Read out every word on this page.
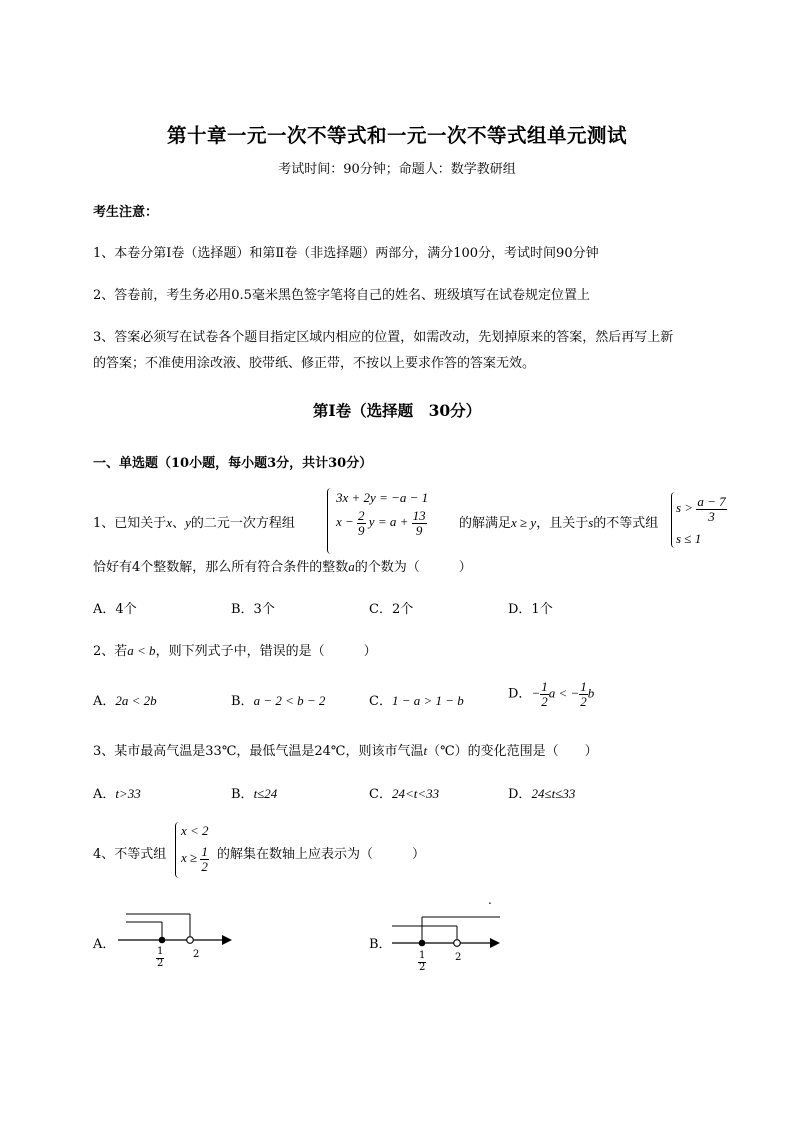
第十章一元一次不等式和一元一次不等式组单元测试
考试时间：90分钟；命题人：数学教研组
考生注意：
1、本卷分第Ⅰ卷（选择题）和第Ⅱ卷（非选择题）两部分，满分100分，考试时间90分钟
2、答卷前，考生务必用0.5毫米黑色签字笔将自己的姓名、班级填写在试卷规定位置上
3、答案必须写在试卷各个题目指定区域内相应的位置，如需改动，先划掉原来的答案，然后再写上新
的答案；不准使用涂改液、胶带纸、修正带，不按以上要求作答的答案无效。
第Ⅰ卷（选择题　30分）
一、单选题（10小题，每小题3分，共计30分）
1、已知关于x、y的二元一次方程组
3x + 2y = −a − 1
$x - \frac{2}{9}$ $y = a + \frac{13}{9}$ 的解满足x ≥ y，且关于s的不等式组
$s > \frac{a - 7}{3}$
s ≤ 1
恰好有4个整数解，那么所有符合条件的整数a的个数为（　　　）
A．4个	B．3个	C．2个	D．1个
2、若a < b，则下列式子中，错误的是（　　　）
A．2a < 2b	B．a − 2 < b − 2	C．1 − a > 1 − b	D．− $\frac{1}{2}$ a < − $\frac{1}{2}$ b
3、某市最高气温是33℃，最低气温是24℃，则该市气温t（℃）的变化范围是（　　）
A．t>33	B．t≤24	C．24<t<33	D．24≤t≤33
4、不等式组
x < 2
$x \ge \frac{1}{2}$ 的解集在数轴上应表示为（　　　）
A．
$\frac{1}{2}$	2
B．
.
$\frac{1}{2}$	2
